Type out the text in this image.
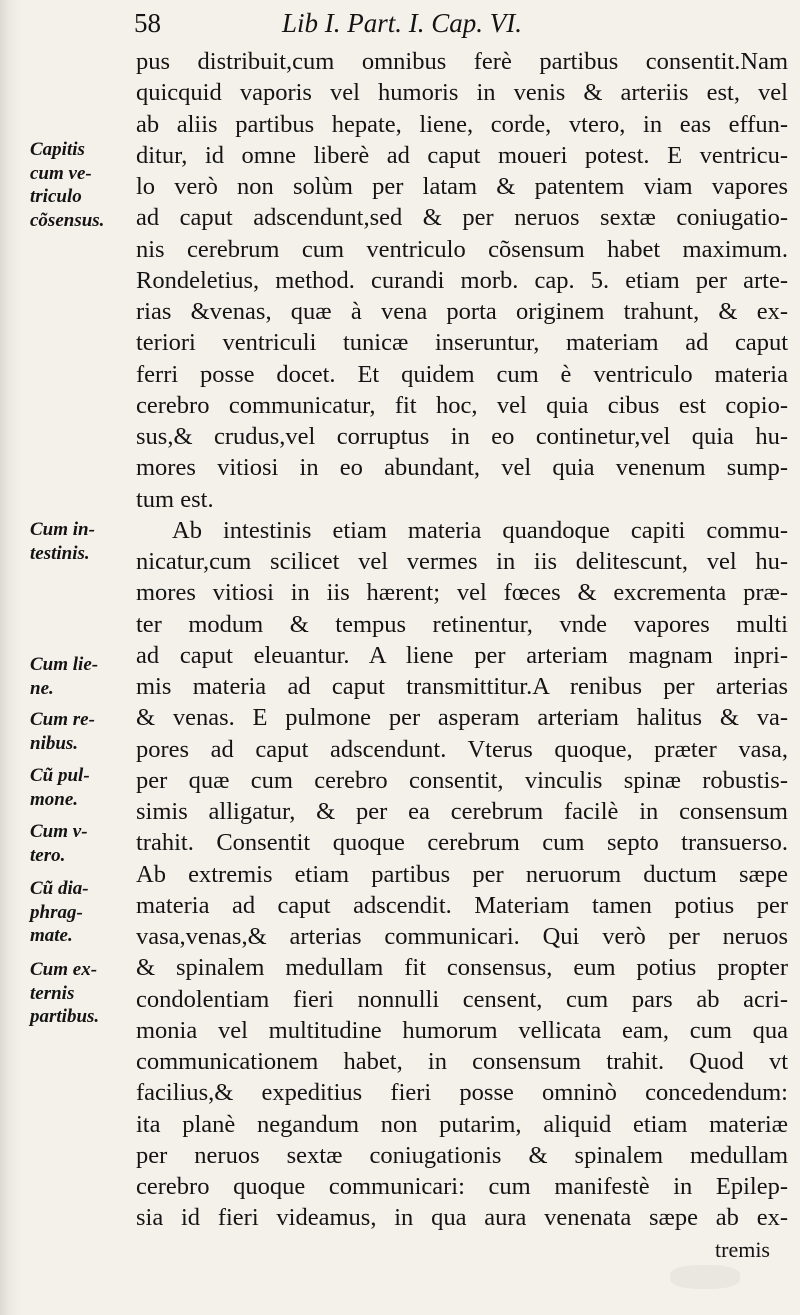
58	Lib I. Part. I. Cap. VI.
pus distribuit,cum omnibus ferè partibus consentit.Nam
quicquid vaporis vel humoris in venis & arteriis est, vel
ab aliis partibus hepate, liene, corde, vtero, in eas effun-
ditur, id omne liberè ad caput moueri potest. E ventricu-
lo verò non solùm per latam & patentem viam vapores
ad caput adscendunt,sed & per neruos sextæ coniugatio-
nis cerebrum cum ventriculo cõsensum habet maximum.
Rondeletius, method. curandi morb. cap. 5. etiam per arte-
rias &venas, quæ à vena porta originem trahunt, & ex-
teriori ventriculi tunicæ inseruntur, materiam ad caput
ferri posse docet. Et quidem cum è ventriculo materia
cerebro communicatur, fit hoc, vel quia cibus est copio-
sus,& crudus,vel corruptus in eo continetur,vel quia hu-
mores vitiosi in eo abundant, vel quia venenum sump-
tum est.
Ab intestinis etiam materia quandoque capiti commu-
nicatur,cum scilicet vel vermes in iis delitescunt, vel hu-
mores vitiosi in iis hærent; vel fœces & excrementa præ-
ter modum & tempus retinentur, vnde vapores multi
ad caput eleuantur. A liene per arteriam magnam inpri-
mis materia ad caput transmittitur.A renibus per arterias
& venas. E pulmone per asperam arteriam halitus & va-
pores ad caput adscendunt. Vterus quoque, præter vasa,
per quæ cum cerebro consentit, vinculis spinæ robustis-
simis alligatur, & per ea cerebrum facilè in consensum
trahit. Consentit quoque cerebrum cum septo transuerso.
Ab extremis etiam partibus per neruorum ductum sæpe
materia ad caput adscendit. Materiam tamen potius per
vasa,venas,& arterias communicari. Qui verò per neruos
& spinalem medullam fit consensus, eum potius propter
condolentiam fieri nonnulli censent, cum pars ab acri-
monia vel multitudine humorum vellicata eam, cum qua
communicationem habet, in consensum trahit. Quod vt
facilius,& expeditius fieri posse omninò concedendum:
ita planè negandum non putarim, aliquid etiam materiæ
per neruos sextæ coniugationis & spinalem medullam
cerebro quoque communicari: cum manifestè in Epilep-
sia id fieri videamus, in qua aura venenata sæpe ab ex-
tremis
Capitis
cum ve-
triculo
cõsensus.
Cum in-
testinis.
Cum lie-
ne.
Cum re-
nibus.
Cũ pul-
mone.
Cum v-
tero.
Cũ dia-
phrag-
mate.
Cum ex-
ternis
partibus.
